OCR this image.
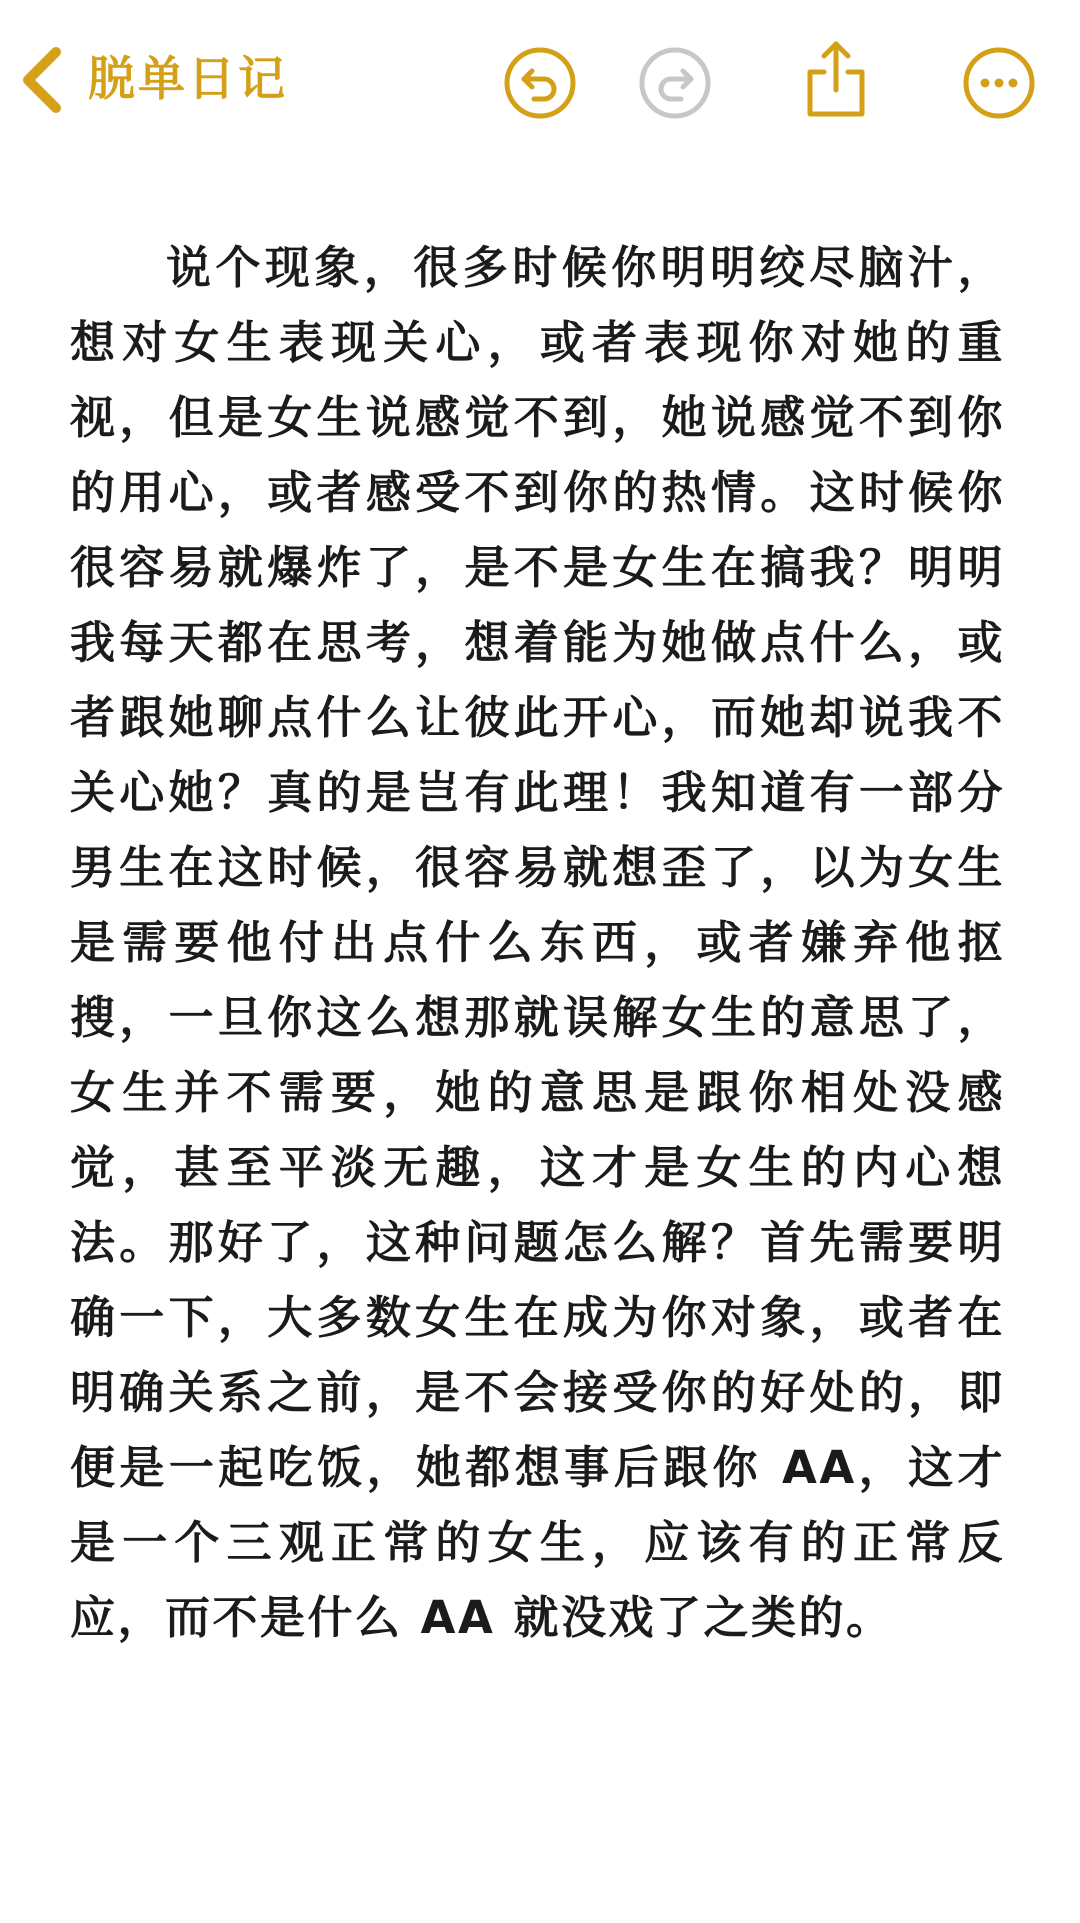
脱单日记

说个现象，很多时候你明明绞尽脑汁，想对女生表现关心，或者表现你对她的重视，但是女生说感觉不到，她说感觉不到你的用心，或者感受不到你的热情。这时候你很容易就爆炸了，是不是女生在搞我？明明我每天都在思考，想着能为她做点什么，或者跟她聊点什么让彼此开心，而她却说我不关心她？真的是岂有此理！我知道有一部分男生在这时候，很容易就想歪了，以为女生是需要他付出点什么东西，或者嫌弃他抠搜，一旦你这么想那就误解女生的意思了，女生并不需要，她的意思是跟你相处没感觉，甚至平淡无趣，这才是女生的内心想法。那好了，这种问题怎么解？首先需要明确一下，大多数女生在成为你对象，或者在明确关系之前，是不会接受你的好处的，即便是一起吃饭，她都想事后跟你 AA，这才是一个三观正常的女生，应该有的正常反应，而不是什么 AA 就没戏了之类的。
